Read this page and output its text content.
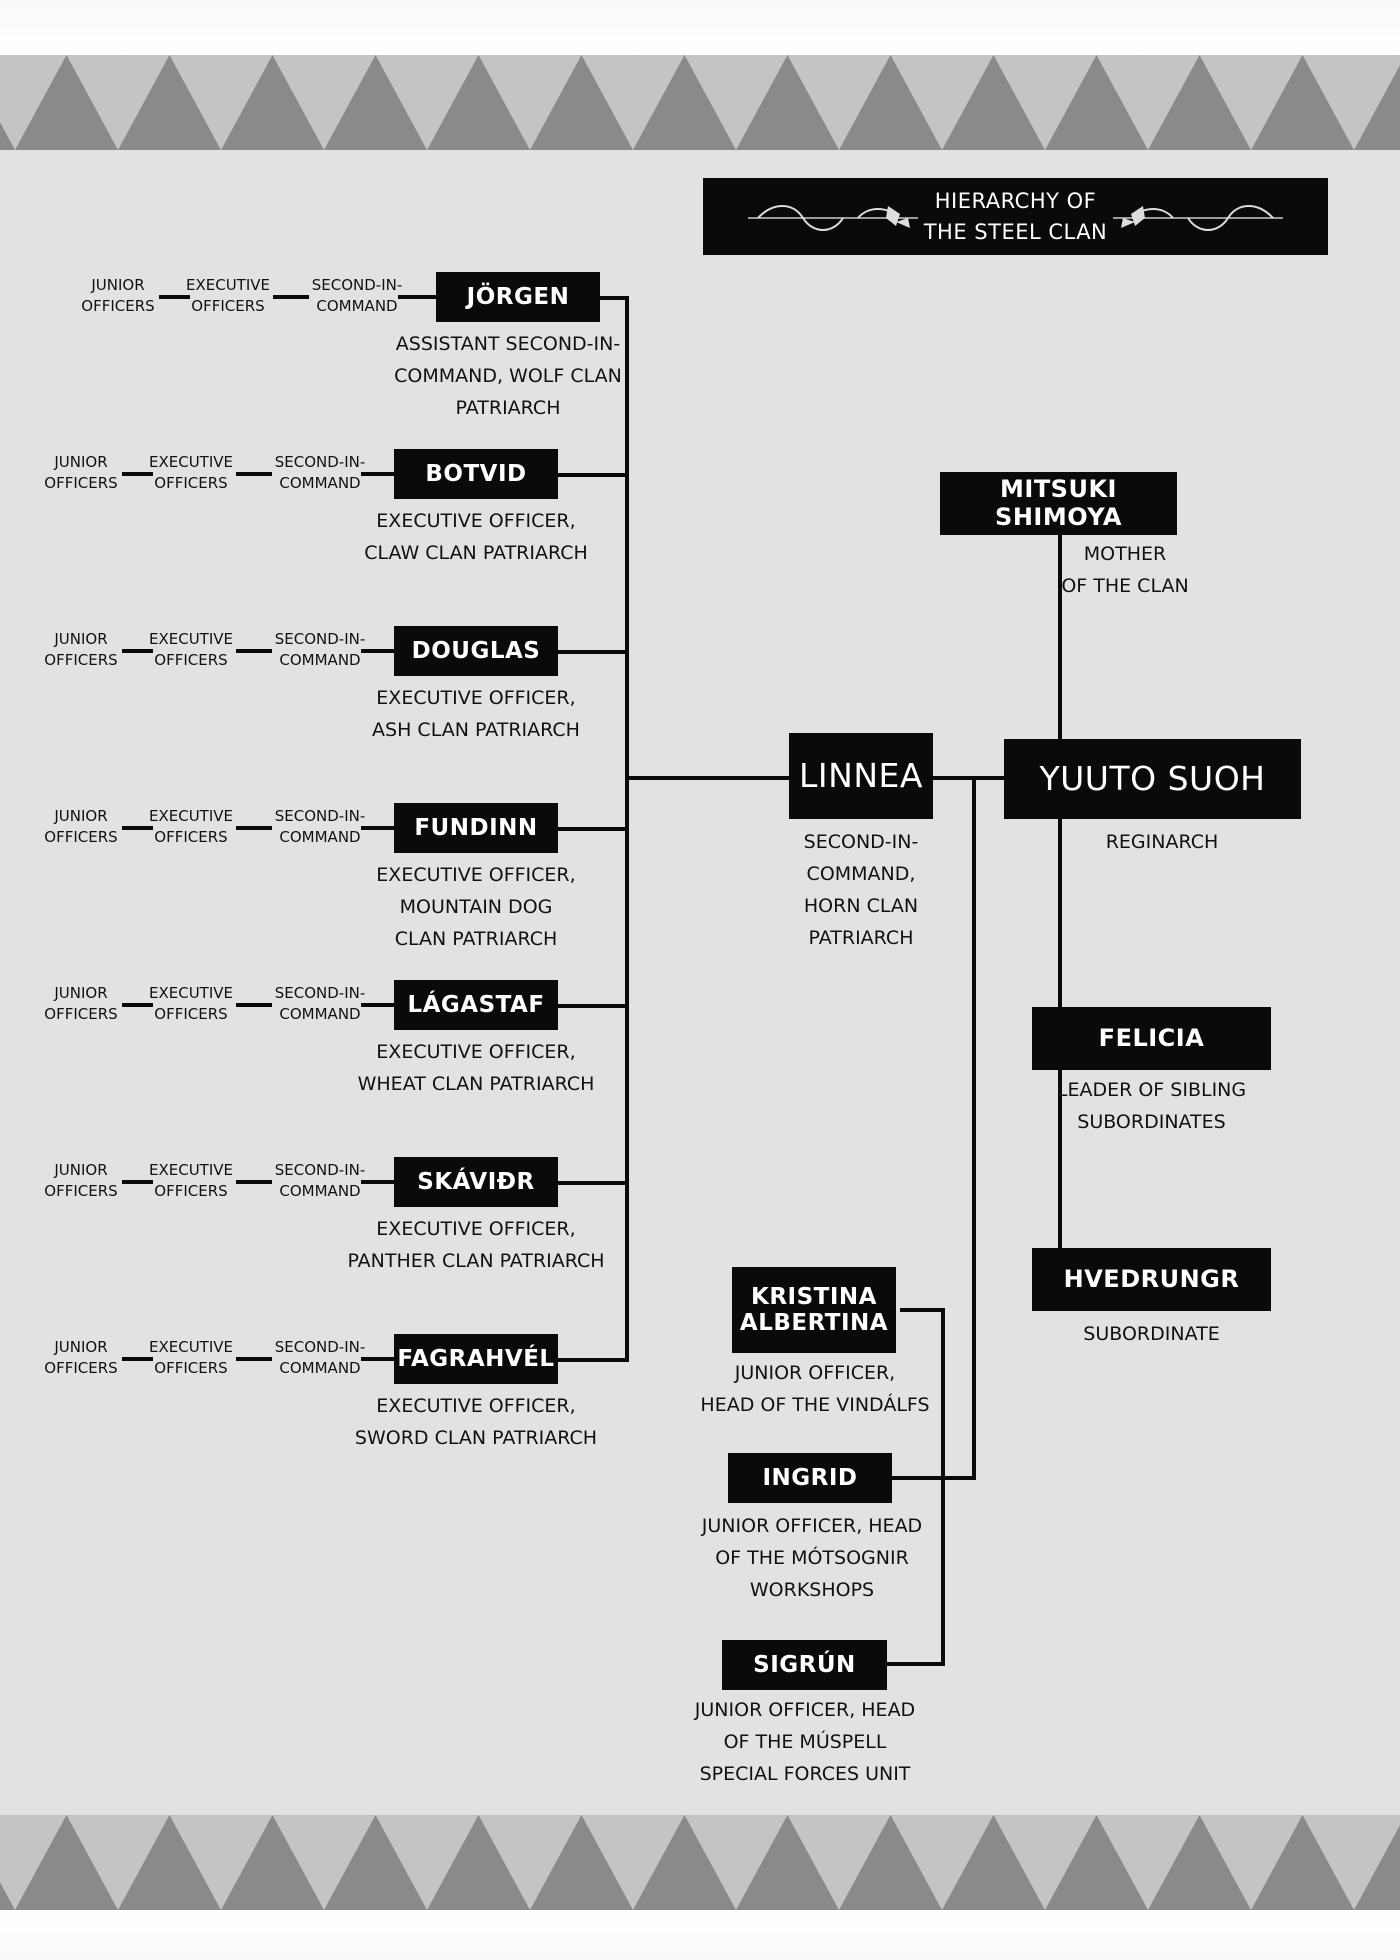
HIERARCHY OF
THE STEEL CLAN
JÖRGEN
ASSISTANT SECOND-IN-
COMMAND, WOLF CLAN
PATRIARCH
JUNIOR
OFFICERS
EXECUTIVE
OFFICERS
SECOND-IN-
COMMAND
BOTVID
EXECUTIVE OFFICER,
CLAW CLAN PATRIARCH
JUNIOR
OFFICERS
EXECUTIVE
OFFICERS
SECOND-IN-
COMMAND
DOUGLAS
EXECUTIVE OFFICER,
ASH CLAN PATRIARCH
JUNIOR
OFFICERS
EXECUTIVE
OFFICERS
SECOND-IN-
COMMAND
FUNDINN
EXECUTIVE OFFICER,
MOUNTAIN DOG
CLAN PATRIARCH
JUNIOR
OFFICERS
EXECUTIVE
OFFICERS
SECOND-IN-
COMMAND
LÁGASTAF
EXECUTIVE OFFICER,
WHEAT CLAN PATRIARCH
JUNIOR
OFFICERS
EXECUTIVE
OFFICERS
SECOND-IN-
COMMAND
SKÁVIÐR
EXECUTIVE OFFICER,
PANTHER CLAN PATRIARCH
JUNIOR
OFFICERS
EXECUTIVE
OFFICERS
SECOND-IN-
COMMAND
FAGRAHVÉL
EXECUTIVE OFFICER,
SWORD CLAN PATRIARCH
JUNIOR
OFFICERS
EXECUTIVE
OFFICERS
SECOND-IN-
COMMAND
LINNEA
SECOND-IN-
COMMAND,
HORN CLAN
PATRIARCH
MITSUKI SHIMOYA
MOTHER
OF THE CLAN
YUUTO SUOH
REGINARCH
FELICIA
LEADER OF SIBLING
SUBORDINATES
HVEDRUNGR
SUBORDINATE
KRISTINA
ALBERTINA
JUNIOR OFFICER,
HEAD OF THE VINDÁLFS
INGRID
JUNIOR OFFICER, HEAD
OF THE MÓTSOGNIR
WORKSHOPS
SIGRÚN
JUNIOR OFFICER, HEAD
OF THE MÚSPELL
SPECIAL FORCES UNIT
